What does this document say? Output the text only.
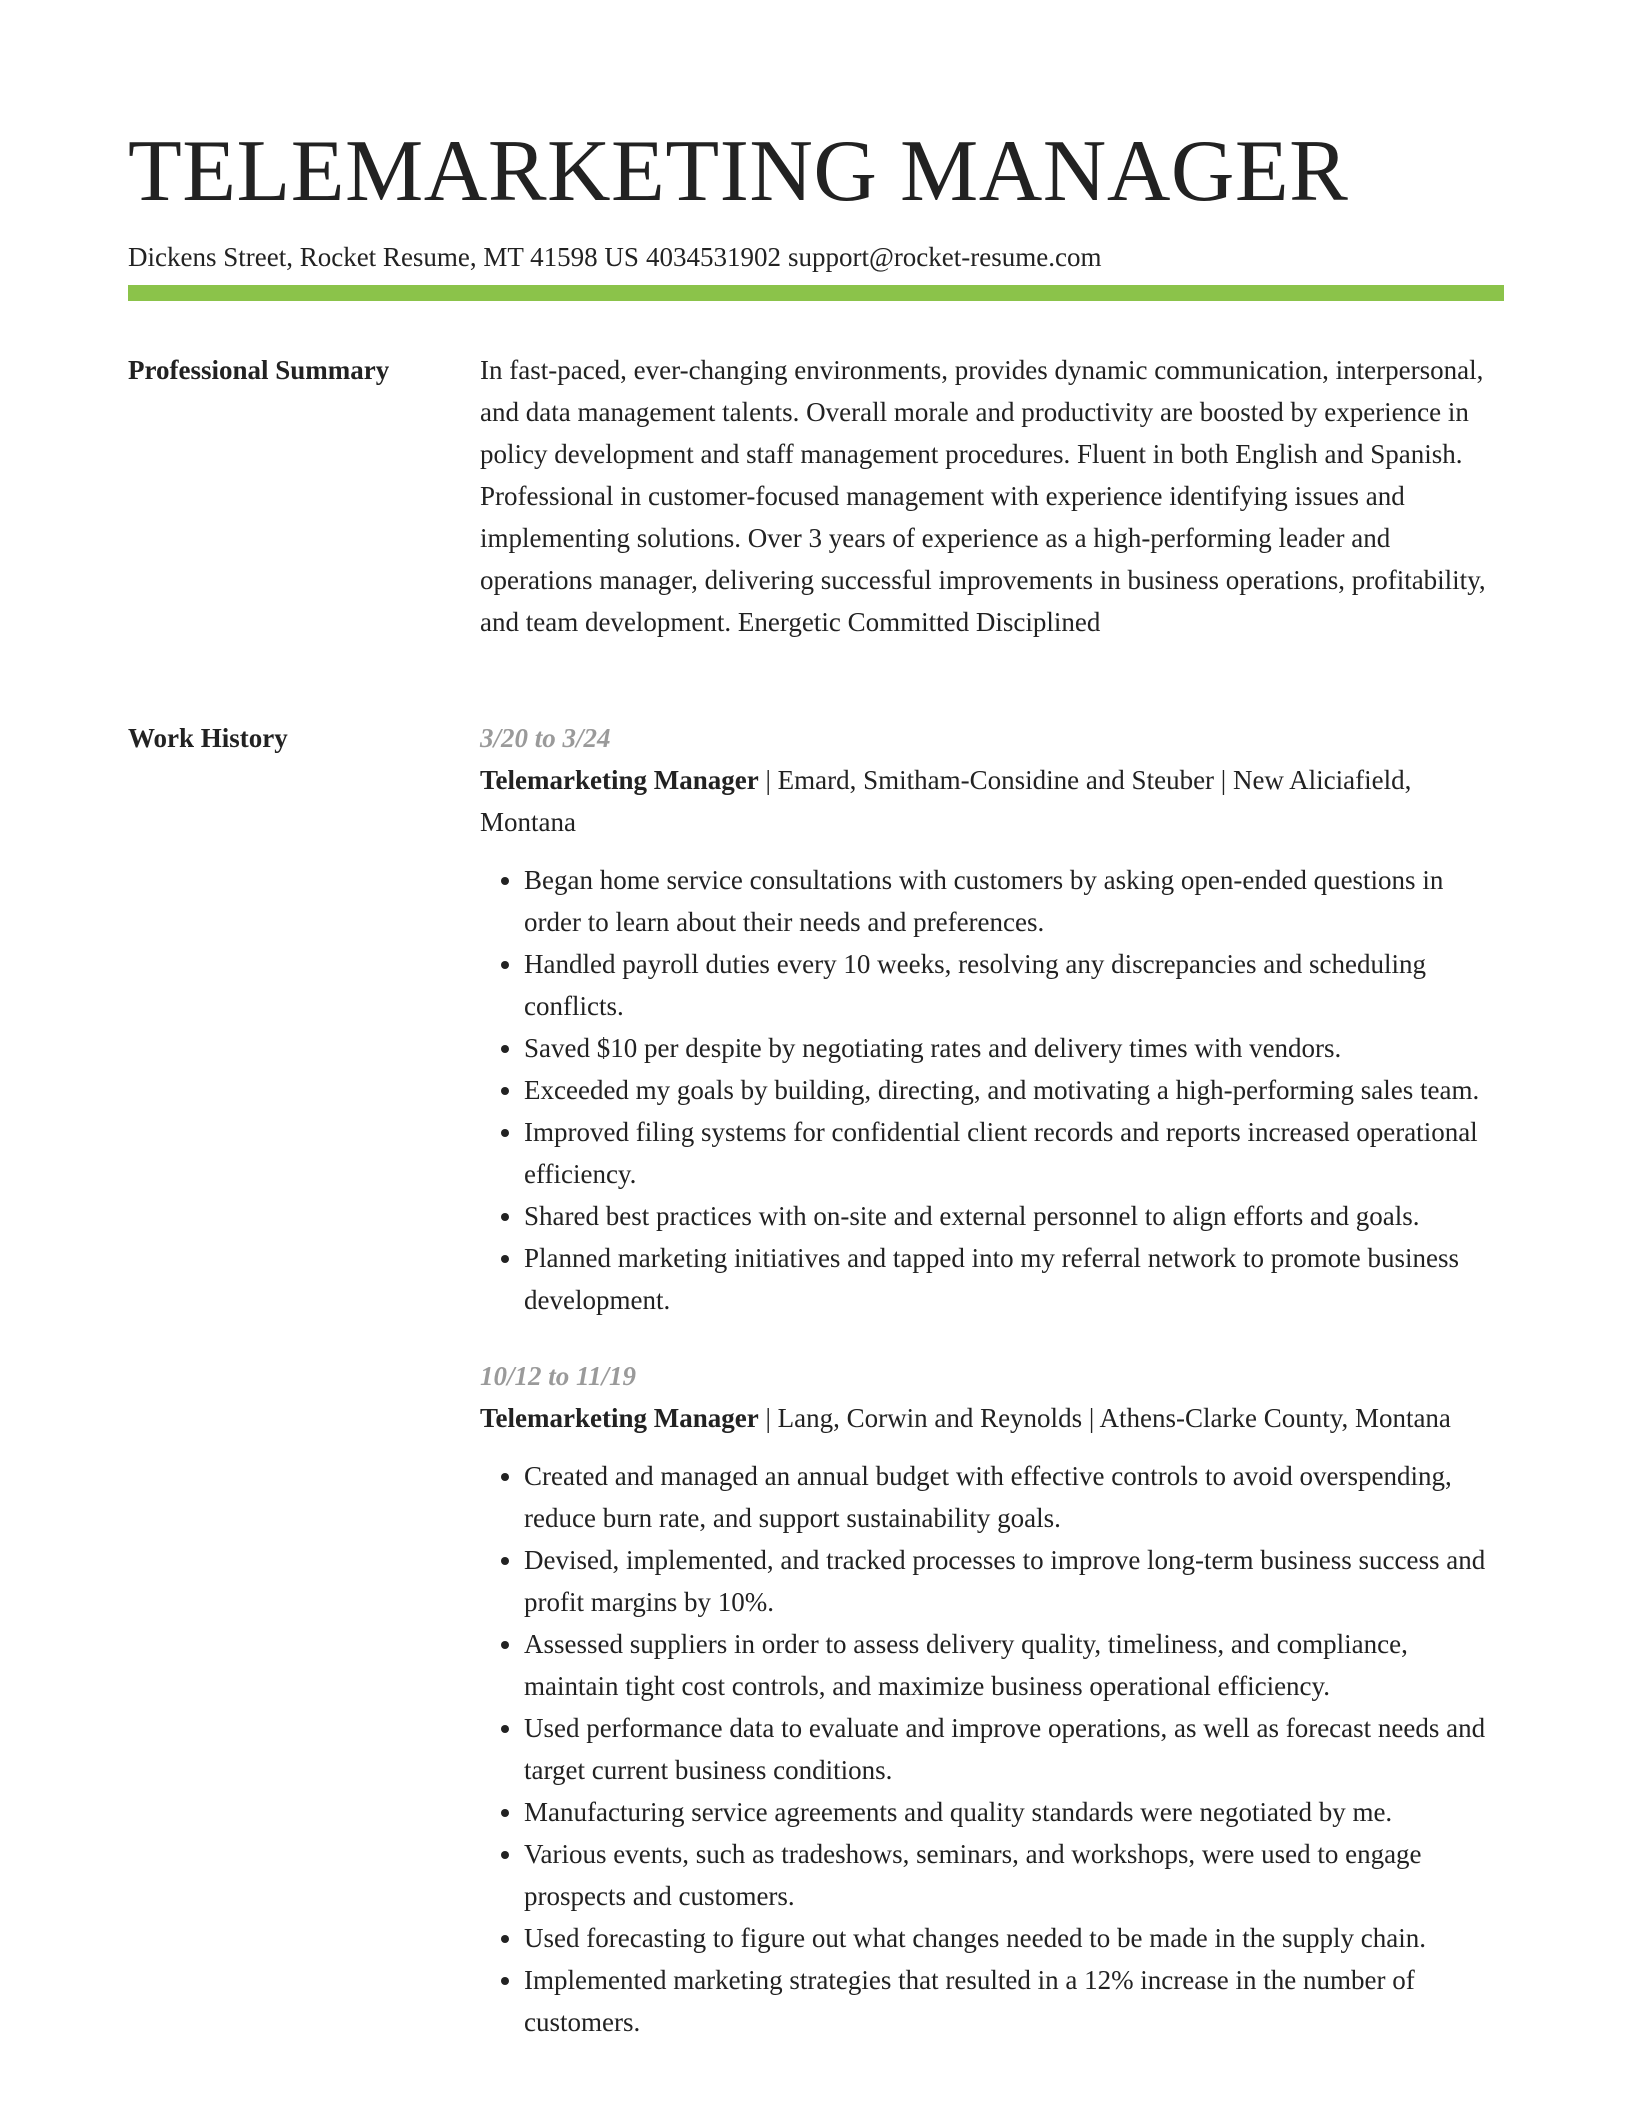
TELEMARKETING MANAGER
Dickens Street, Rocket Resume, MT 41598 US 4034531902 support@rocket-resume.com
Professional Summary	In fast-paced, ever-changing environments, provides dynamic communication, interpersonal, and data management talents. Overall morale and productivity are boosted by experience in policy development and staff management procedures. Fluent in both English and Spanish. Professional in customer-focused management with experience identifying issues and implementing solutions. Over 3 years of experience as a high-performing leader and operations manager, delivering successful improvements in business operations, profitability, and team development. Energetic Committed Disciplined

Work History	3/20 to 3/24
Telemarketing Manager | Emard, Smitham-Considine and Steuber | New Aliciafield, Montana
• Began home service consultations with customers by asking open-ended questions in order to learn about their needs and preferences.
• Handled payroll duties every 10 weeks, resolving any discrepancies and scheduling conflicts.
• Saved $10 per despite by negotiating rates and delivery times with vendors.
• Exceeded my goals by building, directing, and motivating a high-performing sales team.
• Improved filing systems for confidential client records and reports increased operational efficiency.
• Shared best practices with on-site and external personnel to align efforts and goals.
• Planned marketing initiatives and tapped into my referral network to promote business development.
10/12 to 11/19
Telemarketing Manager | Lang, Corwin and Reynolds | Athens-Clarke County, Montana
• Created and managed an annual budget with effective controls to avoid overspending, reduce burn rate, and support sustainability goals.
• Devised, implemented, and tracked processes to improve long-term business success and profit margins by 10%.
• Assessed suppliers in order to assess delivery quality, timeliness, and compliance, maintain tight cost controls, and maximize business operational efficiency.
• Used performance data to evaluate and improve operations, as well as forecast needs and target current business conditions.
• Manufacturing service agreements and quality standards were negotiated by me.
• Various events, such as tradeshows, seminars, and workshops, were used to engage prospects and customers.
• Used forecasting to figure out what changes needed to be made in the supply chain.
• Implemented marketing strategies that resulted in a 12% increase in the number of customers.
